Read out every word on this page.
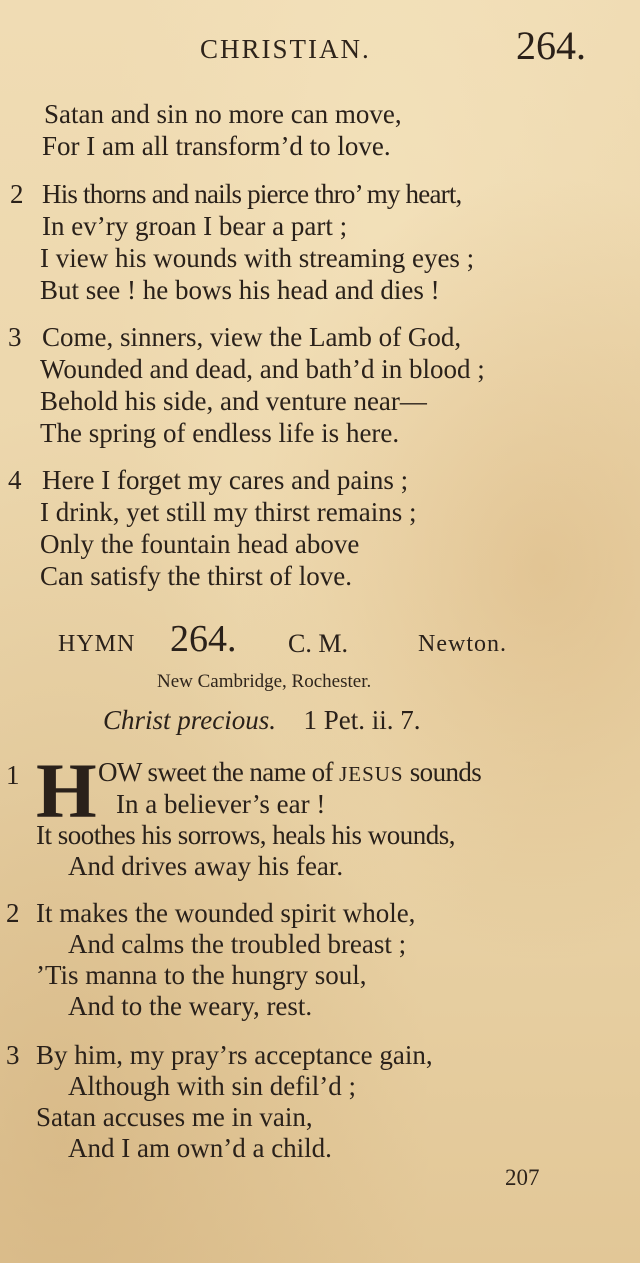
CHRISTIAN.	264.
Satan and sin no more can move,
For I am all transform’d to love.
2 His thorns and nails pierce thro’ my heart,
In ev’ry groan I bear a part ;
I view his wounds with streaming eyes ;
But see ! he bows his head and dies !
3 Come, sinners, view the Lamb of God,
Wounded and dead, and bath’d in blood ;
Behold his side, and venture near—
The spring of endless life is here.
4 Here I forget my cares and pains ;
I drink, yet still my thirst remains ;
Only the fountain head above
Can satisfy the thirst of love.
HYMN 264. C. M.	Newton.
New Cambridge, Rochester.
Christ precious. 1 Pet. ii. 7.
1 H OW sweet the name of JESUS sounds
In a believer’s ear !
It soothes his sorrows, heals his wounds,
And drives away his fear.
2 It makes the wounded spirit whole,
And calms the troubled breast ;
’Tis manna to the hungry soul,
And to the weary, rest.
3 By him, my pray’rs acceptance gain,
Although with sin defil’d ;
Satan accuses me in vain,
And I am own’d a child.
207
